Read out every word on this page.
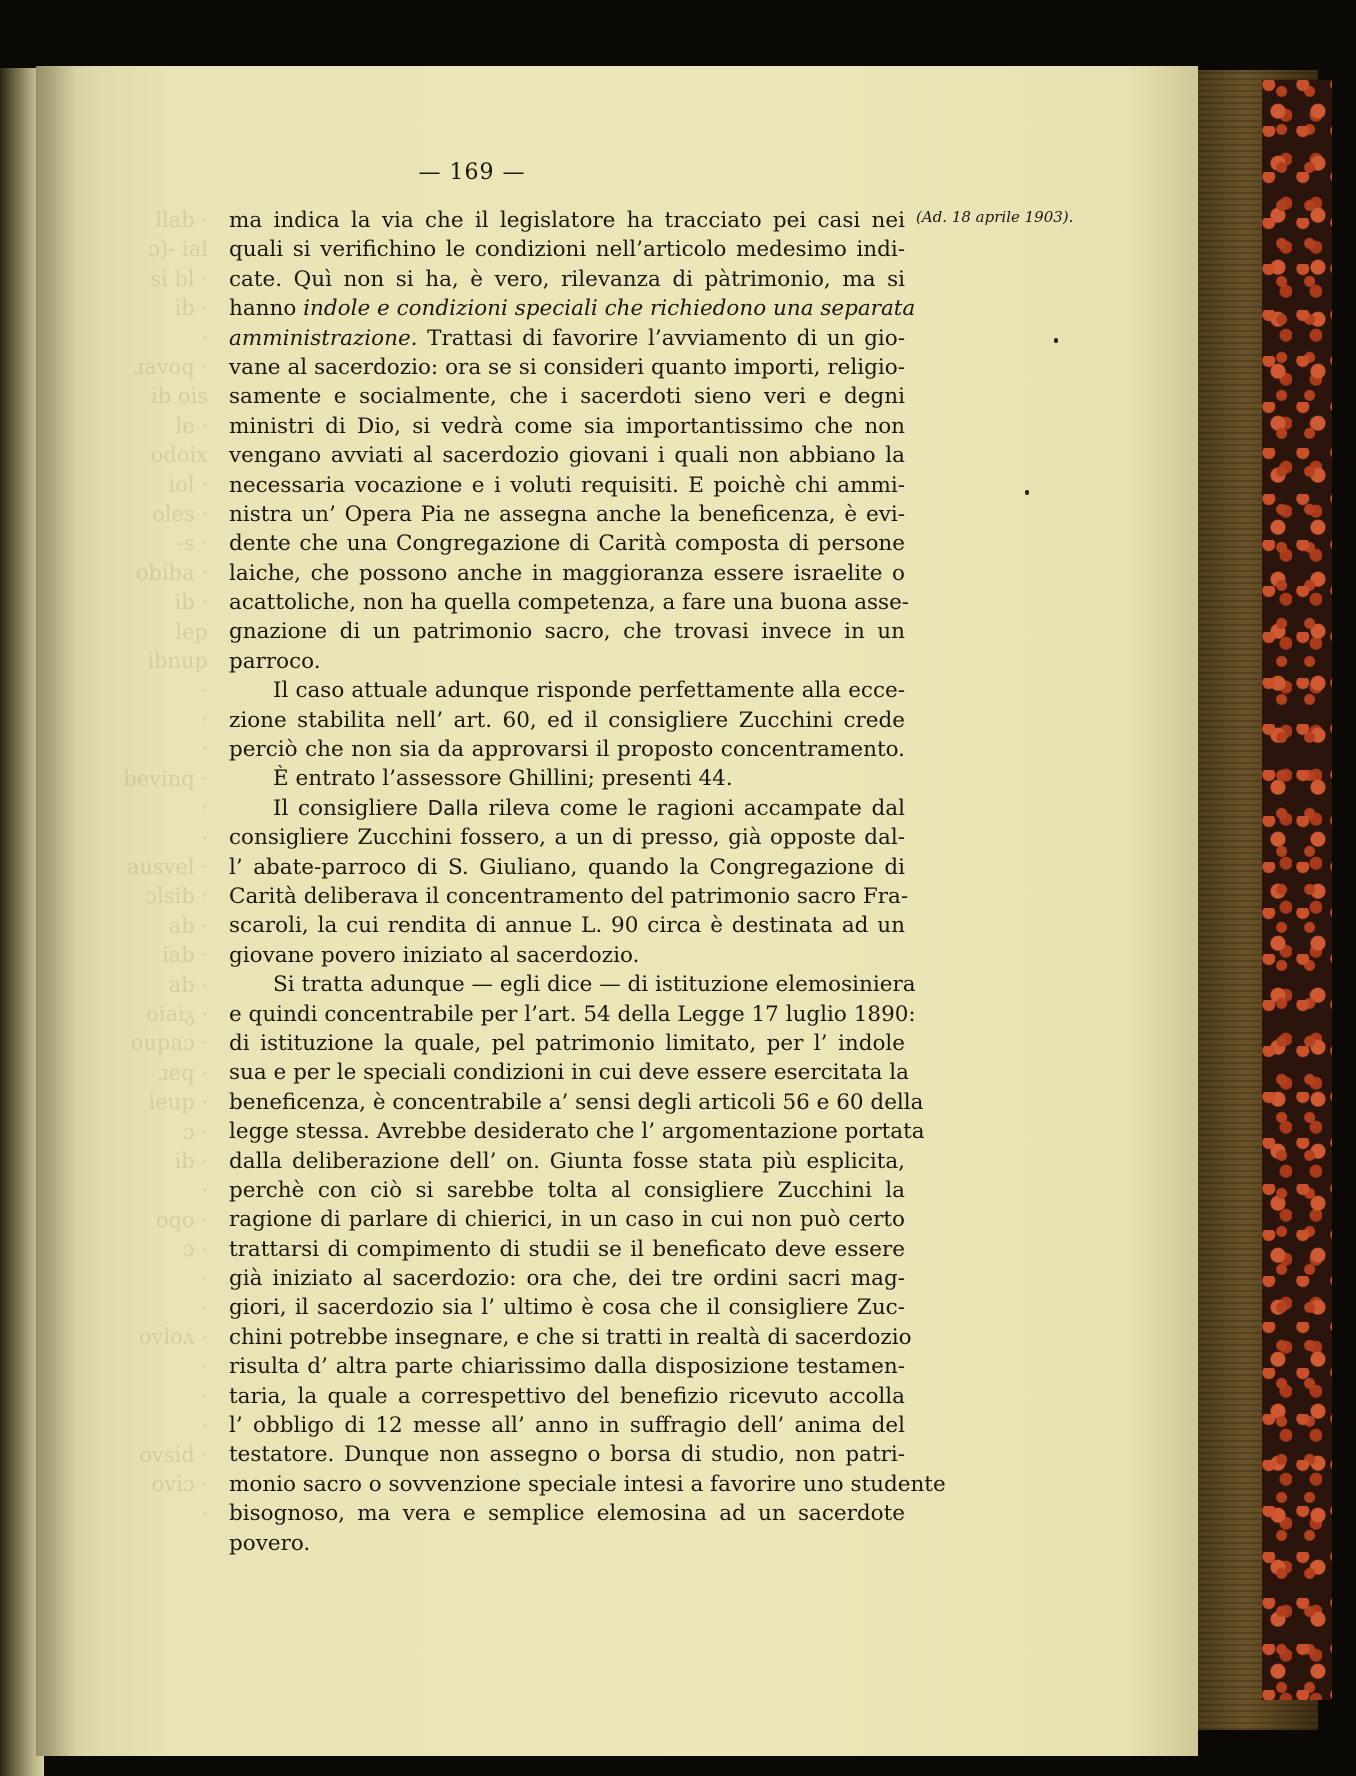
llab ·
ɔ)- ial
si bl ·
ib ·
·
ɹavoq ·
ib ois
le ·
odoix
iol ·
oles ·
-s ·
obiba ·
ib ·
lep
ibnup
·
·
·
bevinq ·
·
·
ausvel ·
ɔlsib ·
ab ·
iab ·
ab ·
oiaiᵹ ·
oupaɔ ·
ɹeq ·
ieup ·
ɔ ·
ib ·
·
oqo ·
ɔ ·
·
·
ovloʌ ·
·
·
·
ovsid ·
oviɔ ·
·
— 169 —
(Ad. 18 aprile 1903).
ma indica la via che il legislatore ha tracciato pei casi nei
quali si verifichino le condizioni nell’articolo medesimo indi-
cate. Quì non si ha, è vero, rilevanza di pàtrimonio, ma si
hanno indole e condizioni speciali che richiedono una separata
amministrazione. Trattasi di favorire l’avviamento di un gio-
vane al sacerdozio: ora se si consideri quanto importi, religio-
samente e socialmente, che i sacerdoti sieno veri e degni
ministri di Dio, si vedrà come sia importantissimo che non
vengano avviati al sacerdozio giovani i quali non abbiano la
necessaria vocazione e i voluti requisiti. E poichè chi ammi-
nistra un’ Opera Pia ne assegna anche la beneficenza, è evi-
dente che una Congregazione di Carità composta di persone
laiche, che possono anche in maggioranza essere israelite o
acattoliche, non ha quella competenza, a fare una buona asse-
gnazione di un patrimonio sacro, che trovasi invece in un
parroco.
Il caso attuale adunque risponde perfettamente alla ecce-
zione stabilita nell’ art. 60, ed il consigliere Zucchini crede
perciò che non sia da approvarsi il proposto concentramento.
È entrato l’assessore Ghillini; presenti 44.
Il consigliere Dalla rileva come le ragioni accampate dal
consigliere Zucchini fossero, a un di presso, già opposte dal-
l’ abate-parroco di S. Giuliano, quando la Congregazione di
Carità deliberava il concentramento del patrimonio sacro Fra-
scaroli, la cui rendita di annue L. 90 circa è destinata ad un
giovane povero iniziato al sacerdozio.
Si tratta adunque — egli dice — di istituzione elemosiniera
e quindi concentrabile per l’art. 54 della Legge 17 luglio 1890:
di istituzione la quale, pel patrimonio limitato, per l’ indole
sua e per le speciali condizioni in cui deve essere esercitata la
beneficenza, è concentrabile a’ sensi degli articoli 56 e 60 della
legge stessa. Avrebbe desiderato che l’ argomentazione portata
dalla deliberazione dell’ on. Giunta fosse stata più esplicita,
perchè con ciò si sarebbe tolta al consigliere Zucchini la
ragione di parlare di chierici, in un caso in cui non può certo
trattarsi di compimento di studii se il beneficato deve essere
già iniziato al sacerdozio: ora che, dei tre ordini sacri mag-
giori, il sacerdozio sia l’ ultimo è cosa che il consigliere Zuc-
chini potrebbe insegnare, e che si tratti in realtà di sacerdozio
risulta d’ altra parte chiarissimo dalla disposizione testamen-
taria, la quale a correspettivo del benefizio ricevuto accolla
l’ obbligo di 12 messe all’ anno in suffragio dell’ anima del
testatore. Dunque non assegno o borsa di studio, non patri-
monio sacro o sovvenzione speciale intesi a favorire uno studente
bisognoso, ma vera e semplice elemosina ad un sacerdote
povero.
